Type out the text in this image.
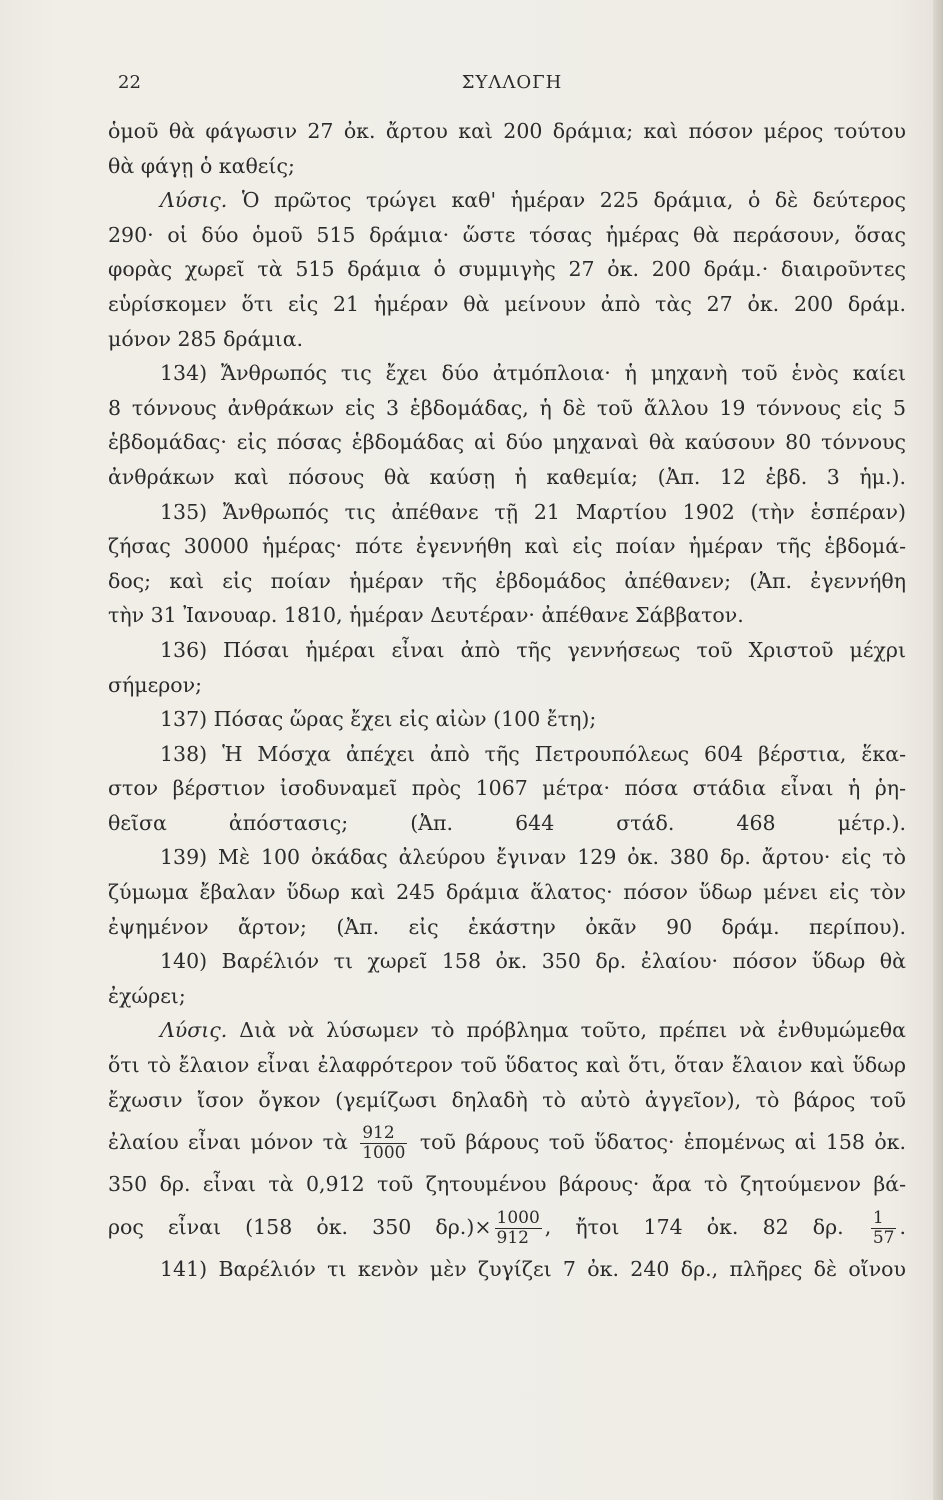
22	ΣΥΛΛΟΓΗ
ὁμοῦ θὰ φάγωσιν 27 ὀκ. ἄρτου καὶ 200 δράμια; καὶ πόσον μέρος τούτου
θὰ φάγῃ ὁ καθείς;
Λύσις. Ὁ πρῶτος τρώγει καθ' ἡμέραν 225 δράμια, ὁ δὲ δεύτερος
290· οἱ δύο ὁμοῦ 515 δράμια· ὥστε τόσας ἡμέρας θὰ περάσουν, ὅσας
φορὰς χωρεῖ τὰ 515 δράμια ὁ συμμιγὴς 27 ὀκ. 200 δράμ.· διαιροῦντες
εὑρίσκομεν ὅτι εἰς 21 ἡμέραν θὰ μείνουν ἀπὸ τὰς 27 ὀκ. 200 δράμ.
μόνον 285 δράμια.
134) Ἄνθρωπός τις ἔχει δύο ἀτμόπλοια· ἡ μηχανὴ τοῦ ἑνὸς καίει
8 τόννους ἀνθράκων εἰς 3 ἑβδομάδας, ἡ δὲ τοῦ ἄλλου 19 τόννους εἰς 5
ἑβδομάδας· εἰς πόσας ἑβδομάδας αἱ δύο μηχαναὶ θὰ καύσουν 80 τόννους
ἀνθράκων καὶ πόσους θὰ καύσῃ ἡ καθεμία; (Ἀπ. 12 ἑβδ. 3 ἡμ.).
135) Ἄνθρωπός τις ἀπέθανε τῇ 21 Μαρτίου 1902 (τὴν ἑσπέραν)
ζήσας 30000 ἡμέρας· πότε ἐγεννήθη καὶ εἰς ποίαν ἡμέραν τῆς ἑβδομά-
δος; καὶ εἰς ποίαν ἡμέραν τῆς ἑβδομάδος ἀπέθανεν; (Ἀπ. ἐγεννήθη
τὴν 31 Ἰανουαρ. 1810, ἡμέραν Δευτέραν· ἀπέθανε Σάββατον.
136) Πόσαι ἡμέραι εἶναι ἀπὸ τῆς γεννήσεως τοῦ Χριστοῦ μέχρι
σήμερον;
137) Πόσας ὥρας ἔχει εἰς αἰὼν (100 ἔτη);
138) Ἡ Μόσχα ἀπέχει ἀπὸ τῆς Πετρουπόλεως 604 βέρστια, ἕκα-
στον βέρστιον ἰσοδυναμεῖ πρὸς 1067 μέτρα· πόσα στάδια εἶναι ἡ ῥη-
θεῖσα ἀπόστασις; (Ἀπ. 644 στάδ. 468 μέτρ.).
139) Μὲ 100 ὀκάδας ἀλεύρου ἔγιναν 129 ὀκ. 380 δρ. ἄρτου· εἰς τὸ
ζύμωμα ἔβαλαν ὕδωρ καὶ 245 δράμια ἅλατος· πόσον ὕδωρ μένει εἰς τὸν
ἐψημένον ἄρτον; (Ἀπ. εἰς ἑκάστην ὀκᾶν 90 δράμ. περίπου).
140) Βαρέλιόν τι χωρεῖ 158 ὀκ. 350 δρ. ἐλαίου· πόσον ὕδωρ θὰ
ἐχώρει;
Λύσις. Διὰ νὰ λύσωμεν τὸ πρόβλημα τοῦτο, πρέπει νὰ ἐνθυμώμεθα
ὅτι τὸ ἔλαιον εἶναι ἐλαφρότερον τοῦ ὕδατος καὶ ὅτι, ὅταν ἔλαιον καὶ ὕδωρ
ἔχωσιν ἴσον ὄγκον (γεμίζωσι δηλαδὴ τὸ αὐτὸ ἀγγεῖον), τὸ βάρος τοῦ
ἐλαίου εἶναι μόνον τὰ $\frac{912}{1000}$ τοῦ βάρους τοῦ ὕδατος· ἑπομένως αἱ 158 ὀκ.
350 δρ. εἶναι τὰ 0,912 τοῦ ζητουμένου βάρους· ἄρα τὸ ζητούμενον βά-
ρος εἶναι (158 ὀκ. 350 $\delta\rho.)\times \frac{1000}{912}$ , ἤτοι 174 ὀκ. 82 δρ. $\frac{1}{57}$ .
141) Βαρέλιόν τι κενὸν μὲν ζυγίζει 7 ὀκ. 240 δρ., πλῆρες δὲ οἴνου
